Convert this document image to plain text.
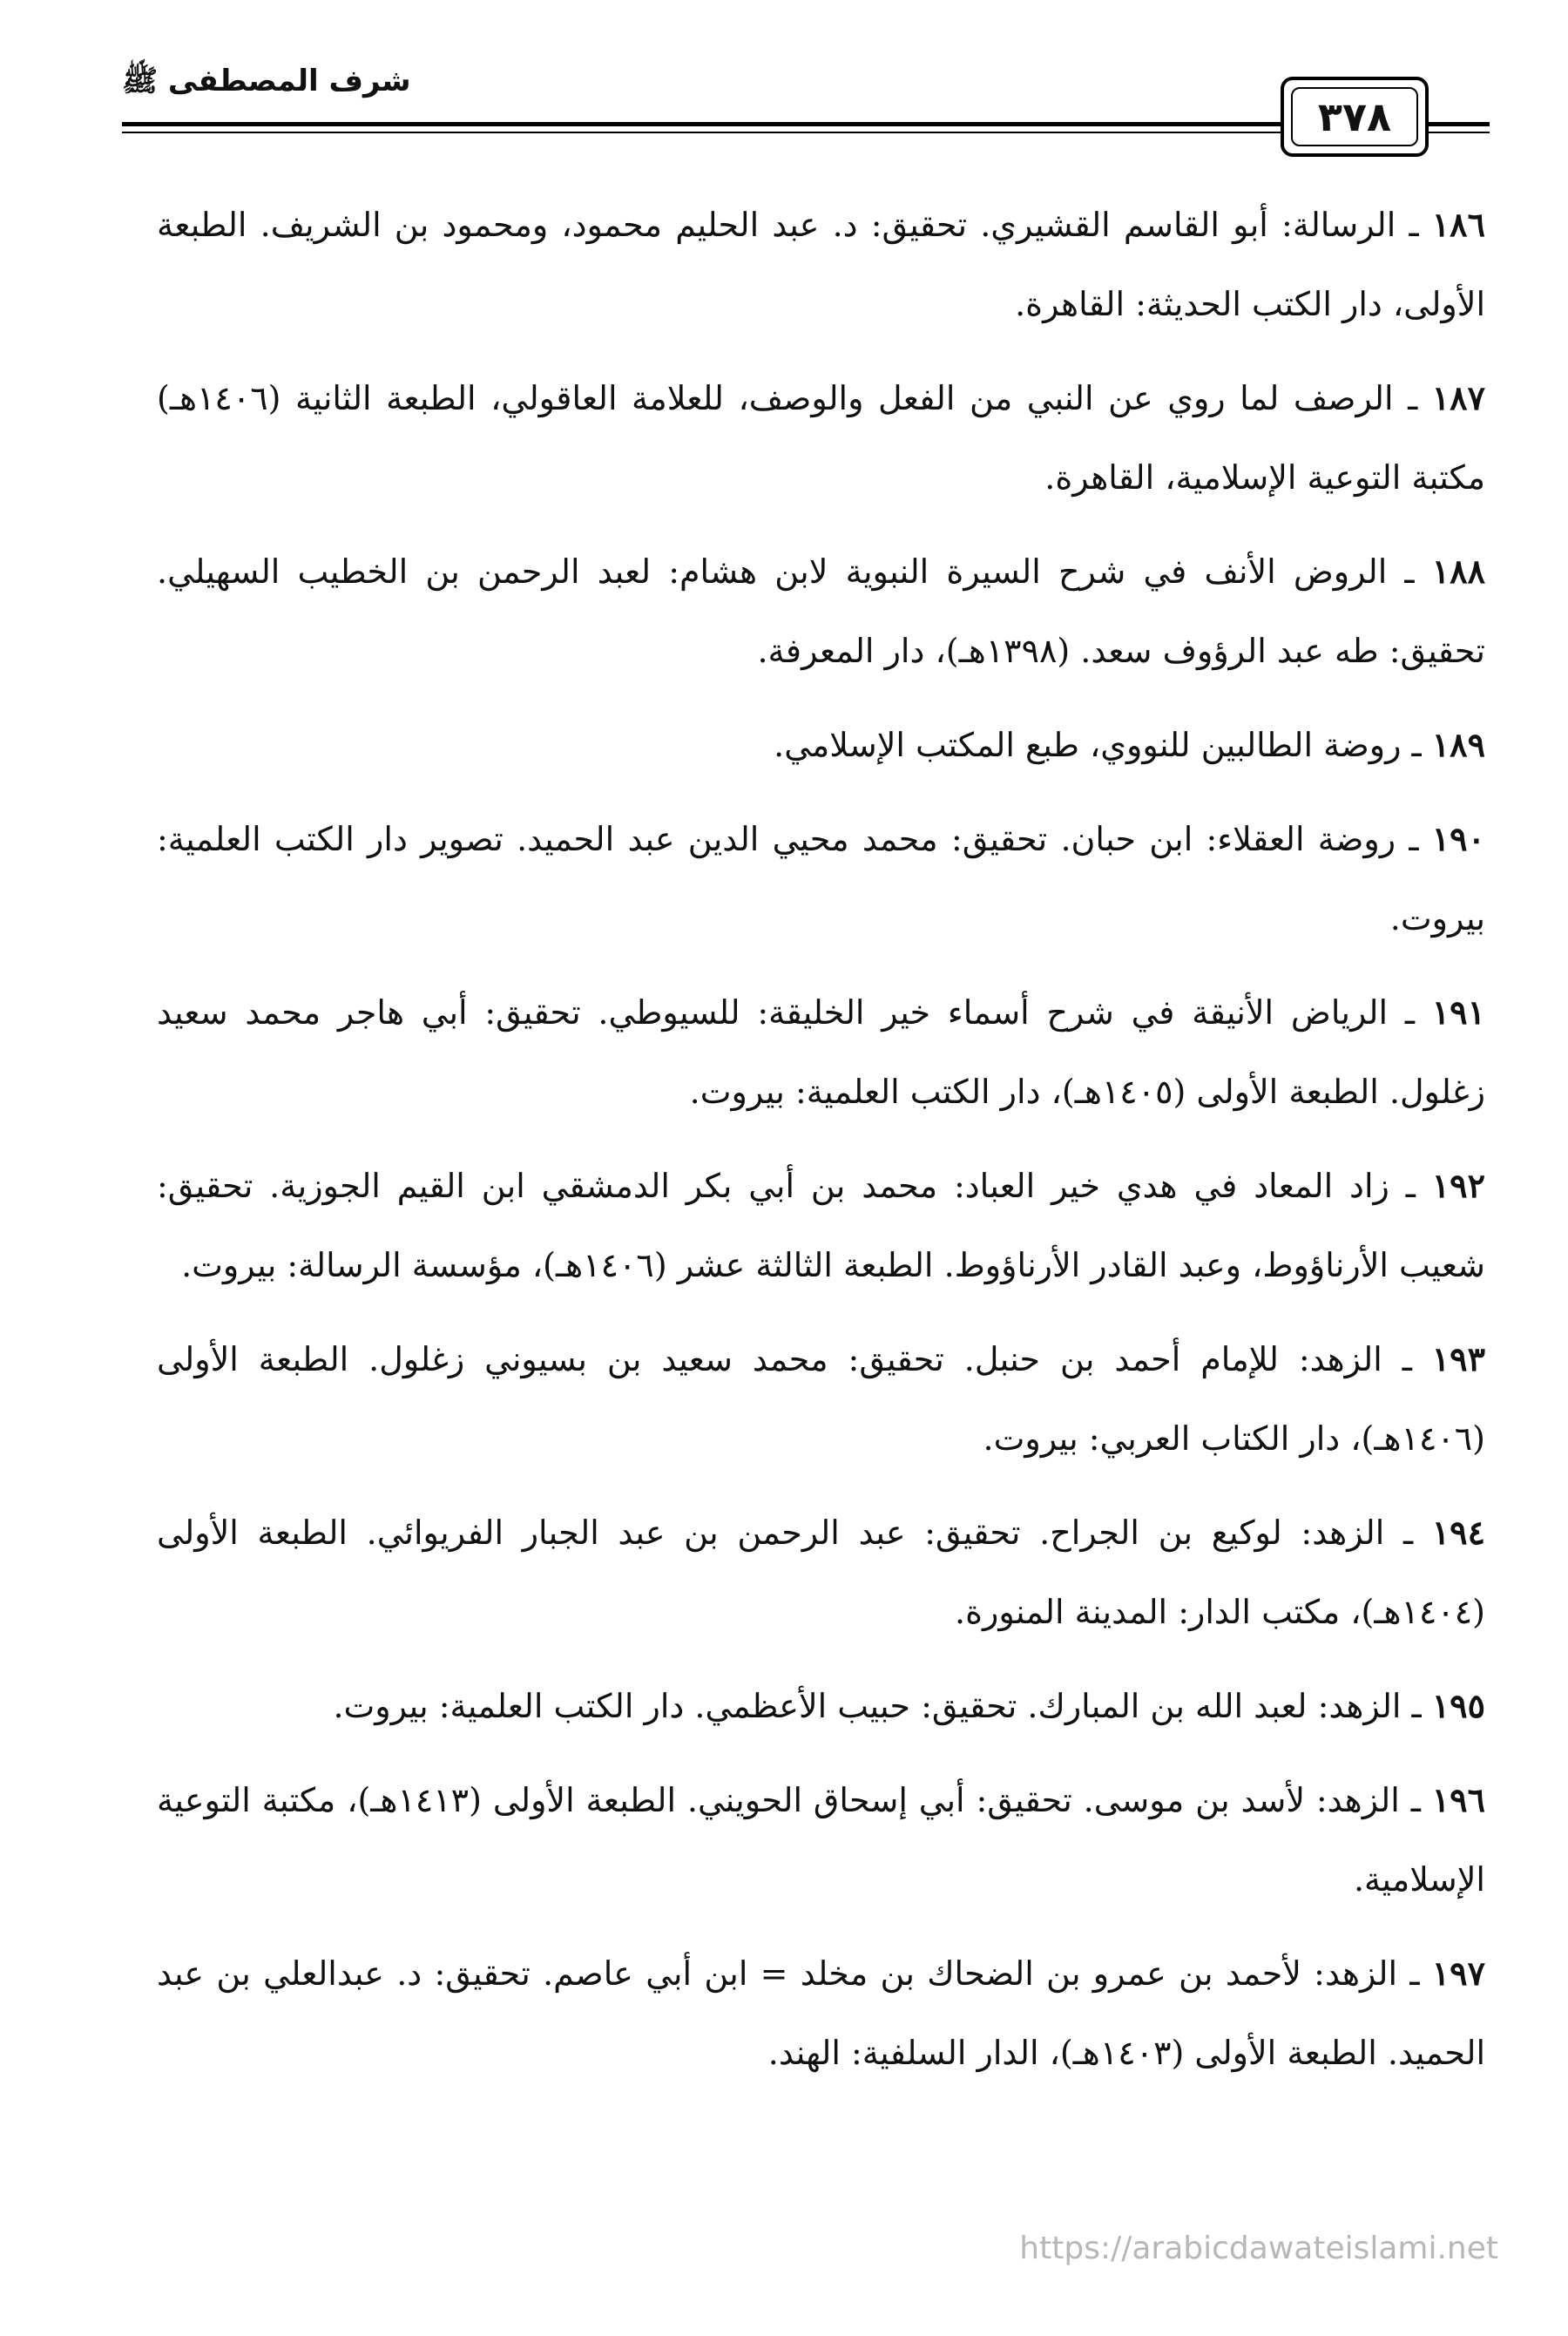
شرف المصطفى ﷺ
٣٧٨

١٨٦ ـ الرسالة: أبو القاسم القشيري. تحقيق: د. عبد الحليم محمود، ومحمود بن الشريف. الطبعة الأولى، دار الكتب الحديثة: القاهرة.

١٨٧ ـ الرصف لما روي عن النبي من الفعل والوصف، للعلامة العاقولي، الطبعة الثانية (١٤٠٦هـ) مكتبة التوعية الإسلامية، القاهرة.

١٨٨ ـ الروض الأنف في شرح السيرة النبوية لابن هشام: لعبد الرحمن بن الخطيب السهيلي. تحقيق: طه عبد الرؤوف سعد. (١٣٩٨هـ)، دار المعرفة.

١٨٩ ـ روضة الطالبين للنووي، طبع المكتب الإسلامي.

١٩٠ ـ روضة العقلاء: ابن حبان. تحقيق: محمد محيي الدين عبد الحميد. تصوير دار الكتب العلمية: بيروت.

١٩١ ـ الرياض الأنيقة في شرح أسماء خير الخليقة: للسيوطي. تحقيق: أبي هاجر محمد سعيد زغلول. الطبعة الأولى (١٤٠٥هـ)، دار الكتب العلمية: بيروت.

١٩٢ ـ زاد المعاد في هدي خير العباد: محمد بن أبي بكر الدمشقي ابن القيم الجوزية. تحقيق: شعيب الأرناؤوط، وعبد القادر الأرناؤوط. الطبعة الثالثة عشر (١٤٠٦هـ)، مؤسسة الرسالة: بيروت.

١٩٣ ـ الزهد: للإمام أحمد بن حنبل. تحقيق: محمد سعيد بن بسيوني زغلول. الطبعة الأولى (١٤٠٦هـ)، دار الكتاب العربي: بيروت.

١٩٤ ـ الزهد: لوكيع بن الجراح. تحقيق: عبد الرحمن بن عبد الجبار الفريوائي. الطبعة الأولى (١٤٠٤هـ)، مكتب الدار: المدينة المنورة.

١٩٥ ـ الزهد: لعبد الله بن المبارك. تحقيق: حبيب الأعظمي. دار الكتب العلمية: بيروت.

١٩٦ ـ الزهد: لأسد بن موسى. تحقيق: أبي إسحاق الحويني. الطبعة الأولى (١٤١٣هـ)، مكتبة التوعية الإسلامية.

١٩٧ ـ الزهد: لأحمد بن عمرو بن الضحاك بن مخلد = ابن أبي عاصم. تحقيق: د. عبدالعلي بن عبد الحميد. الطبعة الأولى (١٤٠٣هـ)، الدار السلفية: الهند.

https://arabicdawateislami.net
